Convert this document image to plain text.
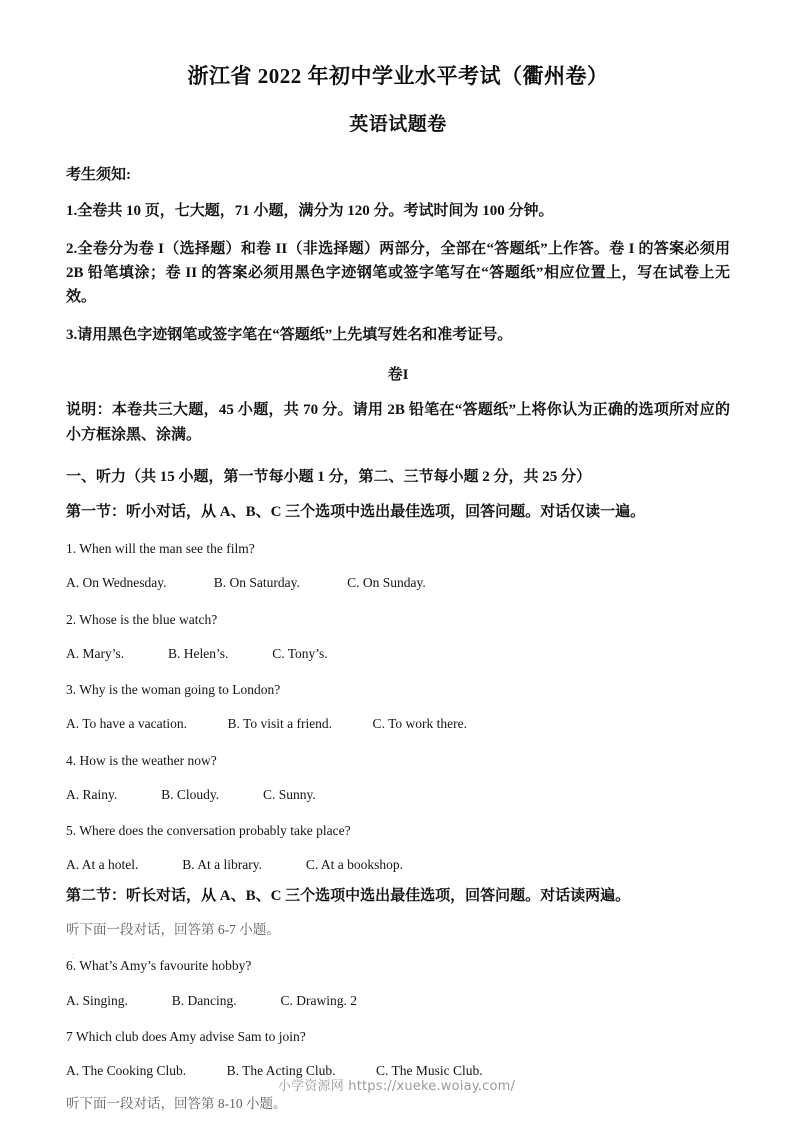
浙江省 2022 年初中学业水平考试（衢州卷）
英语试题卷

考生须知:

1.全卷共 10 页，七大题，71 小题，满分为 120 分。考试时间为 100 分钟。

2.全卷分为卷 I（选择题）和卷 II（非选择题）两部分，全部在“答题纸”上作答。卷 I 的答案必须用 2B 铅笔填涂；卷 II 的答案必须用黑色字迹钢笔或签字笔写在“答题纸”相应位置上，写在试卷上无效。

3.请用黑色字迹钢笔或签字笔在“答题纸”上先填写姓名和准考证号。

卷I

说明：本卷共三大题，45 小题，共 70 分。请用 2B 铅笔在“答题纸”上将你认为正确的选项所对应的小方框涂黑、涂满。

一、听力（共 15 小题，第一节每小题 1 分，第二、三节每小题 2 分，共 25 分）

第一节：听小对话，从 A、B、C 三个选项中选出最佳选项，回答问题。对话仅读一遍。

1. When will the man see the film?

A. On Wednesday.              B. On Saturday.              C. On Sunday.

2. Whose is the blue watch?

A. Mary’s.             B. Helen’s.             C. Tony’s.

3. Why is the woman going to London?

A. To have a vacation.            B. To visit a friend.            C. To work there.

4. How is the weather now?

A. Rainy.             B. Cloudy.             C. Sunny.

5. Where does the conversation probably take place?

A. At a hotel.             B. At a library.             C. At a bookshop.

第二节：听长对话，从 A、B、C 三个选项中选出最佳选项，回答问题。对话读两遍。

听下面一段对话，回答第 6-7 小题。

6. What’s Amy’s favourite hobby?

A. Singing.             B. Dancing.             C. Drawing. 2

7 Which club does Amy advise Sam to join?

A. The Cooking Club.            B. The Acting Club.            C. The Music Club.

听下面一段对话，回答第 8-10 小题。

:
小学资源网 https://xueke.woiay.com/
